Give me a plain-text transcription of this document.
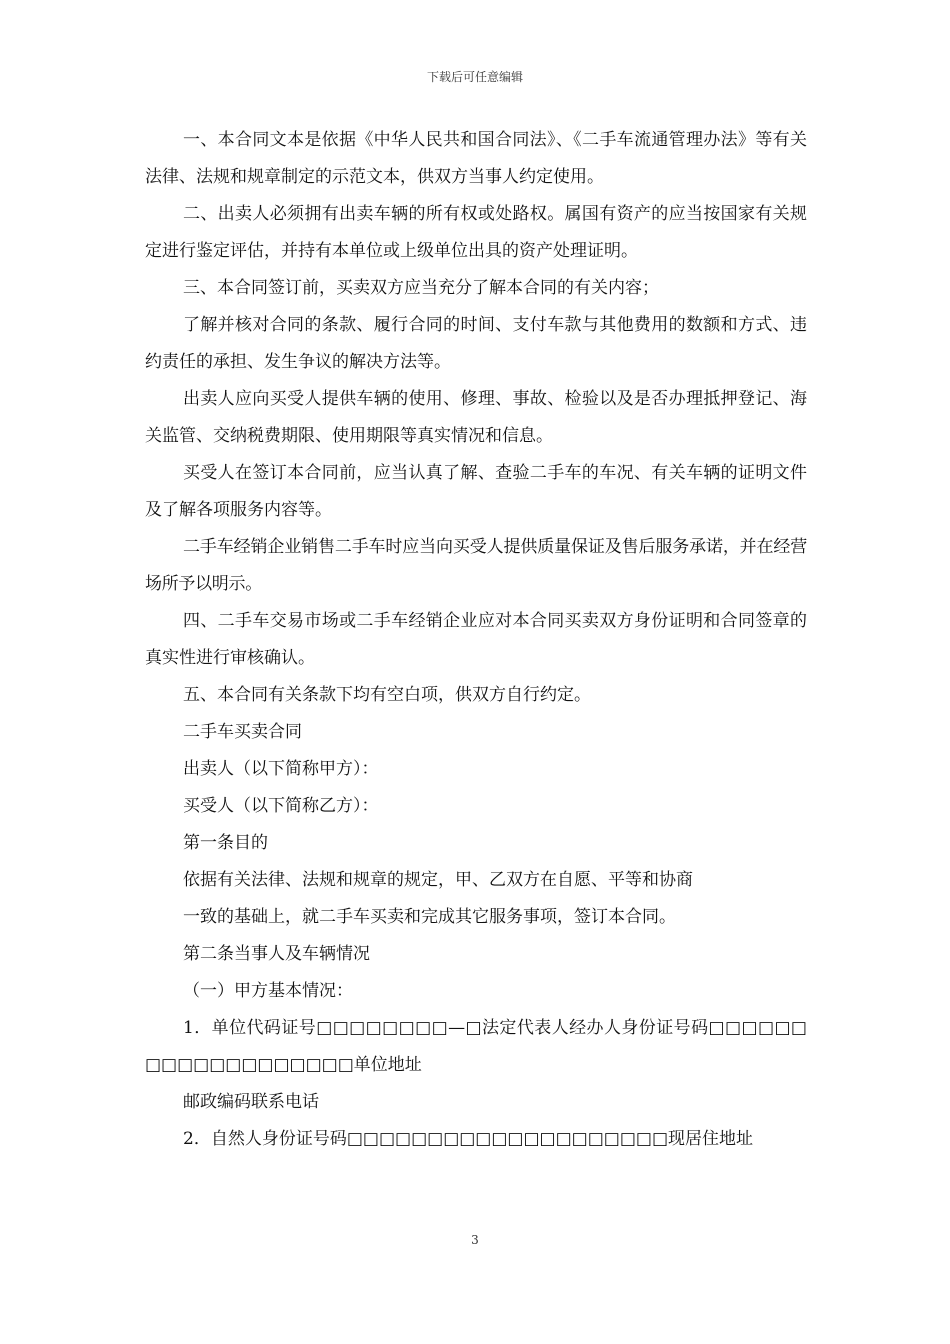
下载后可任意编辑

一、本合同文本是依据《中华人民共和国合同法》、《二手车流通管理办法》等有关法律、法规和规章制定的示范文本，供双方当事人约定使用。

二、出卖人必须拥有出卖车辆的所有权或处路权。属国有资产的应当按国家有关规定进行鉴定评估，并持有本单位或上级单位出具的资产处理证明。

三、本合同签订前，买卖双方应当充分了解本合同的有关内容；

了解并核对合同的条款、履行合同的时间、支付车款与其他费用的数额和方式、违约责任的承担、发生争议的解决方法等。

出卖人应向买受人提供车辆的使用、修理、事故、检验以及是否办理抵押登记、海关监管、交纳税费期限、使用期限等真实情况和信息。

买受人在签订本合同前，应当认真了解、查验二手车的车况、有关车辆的证明文件及了解各项服务内容等。

二手车经销企业销售二手车时应当向买受人提供质量保证及售后服务承诺，并在经营场所予以明示。

四、二手车交易市场或二手车经销企业应对本合同买卖双方身份证明和合同签章的真实性进行审核确认。

五、本合同有关条款下均有空白项，供双方自行约定。

二手车买卖合同

出卖人（以下简称甲方）：

买受人（以下简称乙方）：

第一条目的

依据有关法律、法规和规章的规定，甲、乙双方在自愿、平等和协商

一致的基础上，就二手车买卖和完成其它服务事项，签订本合同。

第二条当事人及车辆情况

（一）甲方基本情况：

1．单位代码证号□□□□□□□□—□法定代表人经办人身份证号码□□□□□□□□□□□□□□□□□□□单位地址

邮政编码联系电话

2．自然人身份证号码□□□□□□□□□□□□□□□□□□□□现居住地址

3
